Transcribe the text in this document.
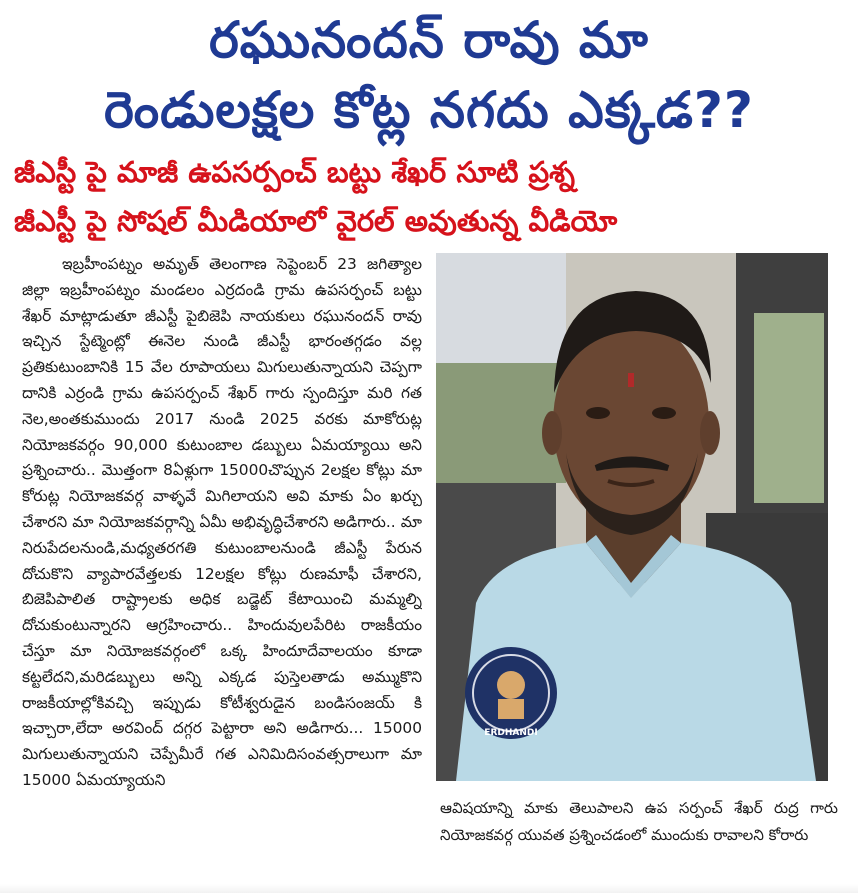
రఘునందన్ రావు మా
రెండులక్షల కోట్ల నగదు ఎక్కడ??
జీఎస్టీ పై మాజీ ఉపసర్పంచ్ బట్టు శేఖర్ సూటి ప్రశ్న
జీఎస్టీ పై సోషల్ మీడియాలో వైరల్ అవుతున్న వీడియో

ఇబ్రహీంపట్నం అమృత్ తెలంగాణ సెప్టెంబర్ 23 జగిత్యాల జిల్లా ఇబ్రహీంపట్నం మండలం ఎర్రదండి గ్రామ ఉపసర్పంచ్ బట్టు శేఖర్ మాట్లాడుతూ జీఎస్టీ పైబిజెపి నాయకులు రఘునందన్ రావు ఇచ్చిన స్టేట్మెంట్లో ఈనెల నుండి జీఎస్టీ భారంతగ్గడం వల్ల ప్రతికుటుంబానికి 15 వేల రూపాయలు మిగులుతున్నాయని చెప్పగా దానికి ఎర్రండి గ్రామ ఉపసర్పంచ్ శేఖర్ గారు స్పందిస్తూ మరి గత నెల,అంతకుముందు 2017 నుండి 2025 వరకు మాకోరుట్ల నియోజకవర్గం 90,000 కుటుంబాల డబ్బులు ఏమయ్యాయి అని ప్రశ్నించారు.. మొత్తంగా 8ఏళ్లుగా 15000చొప్పున 2లక్షల కోట్లు మా కోరుట్ల నియోజకవర్గ వాళ్ళవే మిగిలాయని అవి మాకు ఏం ఖర్చు చేశారని మా నియోజకవర్గాన్ని ఏమీ అభివృద్ధిచేశారని అడిగారు.. మా నిరుపేదలనుండి,మధ్యతరగతి కుటుంబాలనుండి జీఎస్టీ పేరున దోచుకొని వ్యాపారవేత్తలకు 12లక్షల కోట్లు రుణమాఫీ చేశారని, బిజెపిపాలిత రాష్ట్రాలకు అధిక బడ్జెట్ కేటాయించి మమ్మల్ని దోచుకుంటున్నారని ఆగ్రహించారు.. హిందువులపేరిట రాజకీయం చేస్తూ మా నియోజకవర్గంలో ఒక్క హిందూదేవాలయం కూడా కట్టలేదని,మరిడబ్బులు అన్ని ఎక్కడ పుస్తెలతాడు అమ్ముకొని రాజకీయాల్లోకివచ్చి ఇప్పుడు కోటీశ్వరుడైన బండిసంజయ్ కి ఇచ్చారా,లేదా అరవింద్ దగ్గర పెట్టారా అని అడిగారు... 15000 మిగులుతున్నాయని చెప్పేమీరే గత ఎనిమిదిసంవత్సరాలుగా మా 15000 ఏమయ్యాయని

ERDHANDI
ఆవిషయాన్ని మాకు తెలుపాలని ఉప సర్పంచ్ శేఖర్ రుద్ర గారు నియోజకవర్గ యువత ప్రశ్నించడంలో ముందుకు రావాలని కోరారు
